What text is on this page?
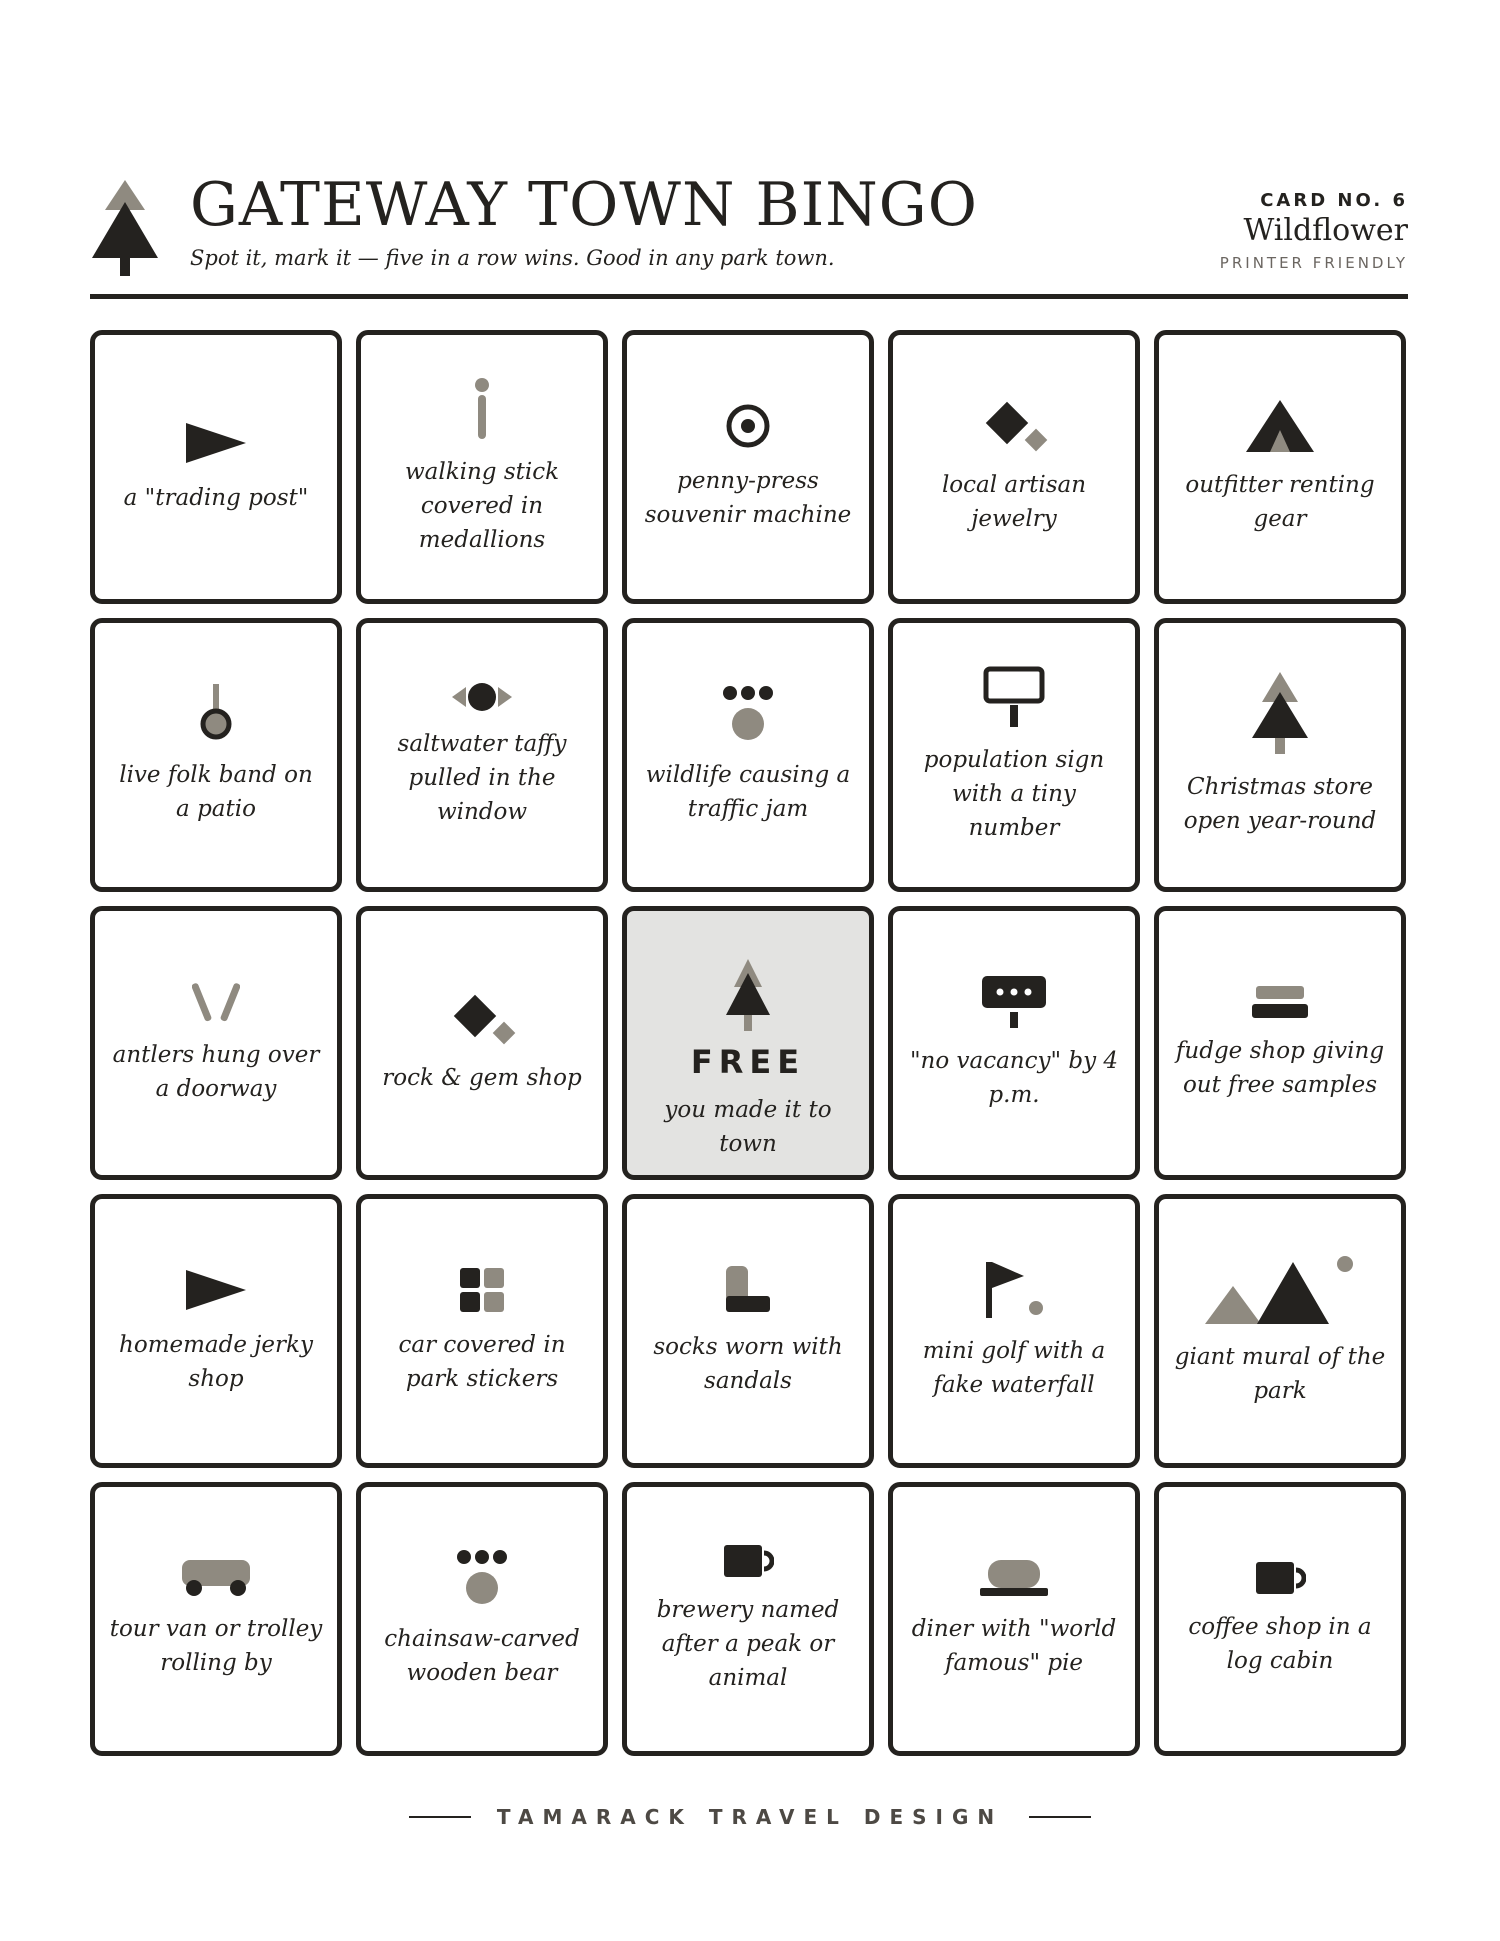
GATEWAY TOWN BINGO
Spot it, mark it — five in a row wins. Good in any park town.
CARD NO. 6
Wildflower
PRINTER FRIENDLY
a "trading post"
walking stick covered in medallions
penny-press souvenir machine
local artisan jewelry
outfitter renting gear
live folk band on a patio
saltwater taffy pulled in the window
wildlife causing a traffic jam
population sign with a tiny number
Christmas store open year-round
antlers hung over a doorway	rock & gem shop	FREE
you made it to town
"no vacancy" by 4 p.m.
fudge shop giving out free samples
homemade jerky shop
car covered in park stickers
socks worn with sandals
mini golf with a fake waterfall
giant mural of the park
tour van or trolley rolling by
chainsaw-carved wooden bear
brewery named after a peak or animal
diner with "world famous" pie
coffee shop in a log cabin
TAMARACK TRAVEL DESIGN
